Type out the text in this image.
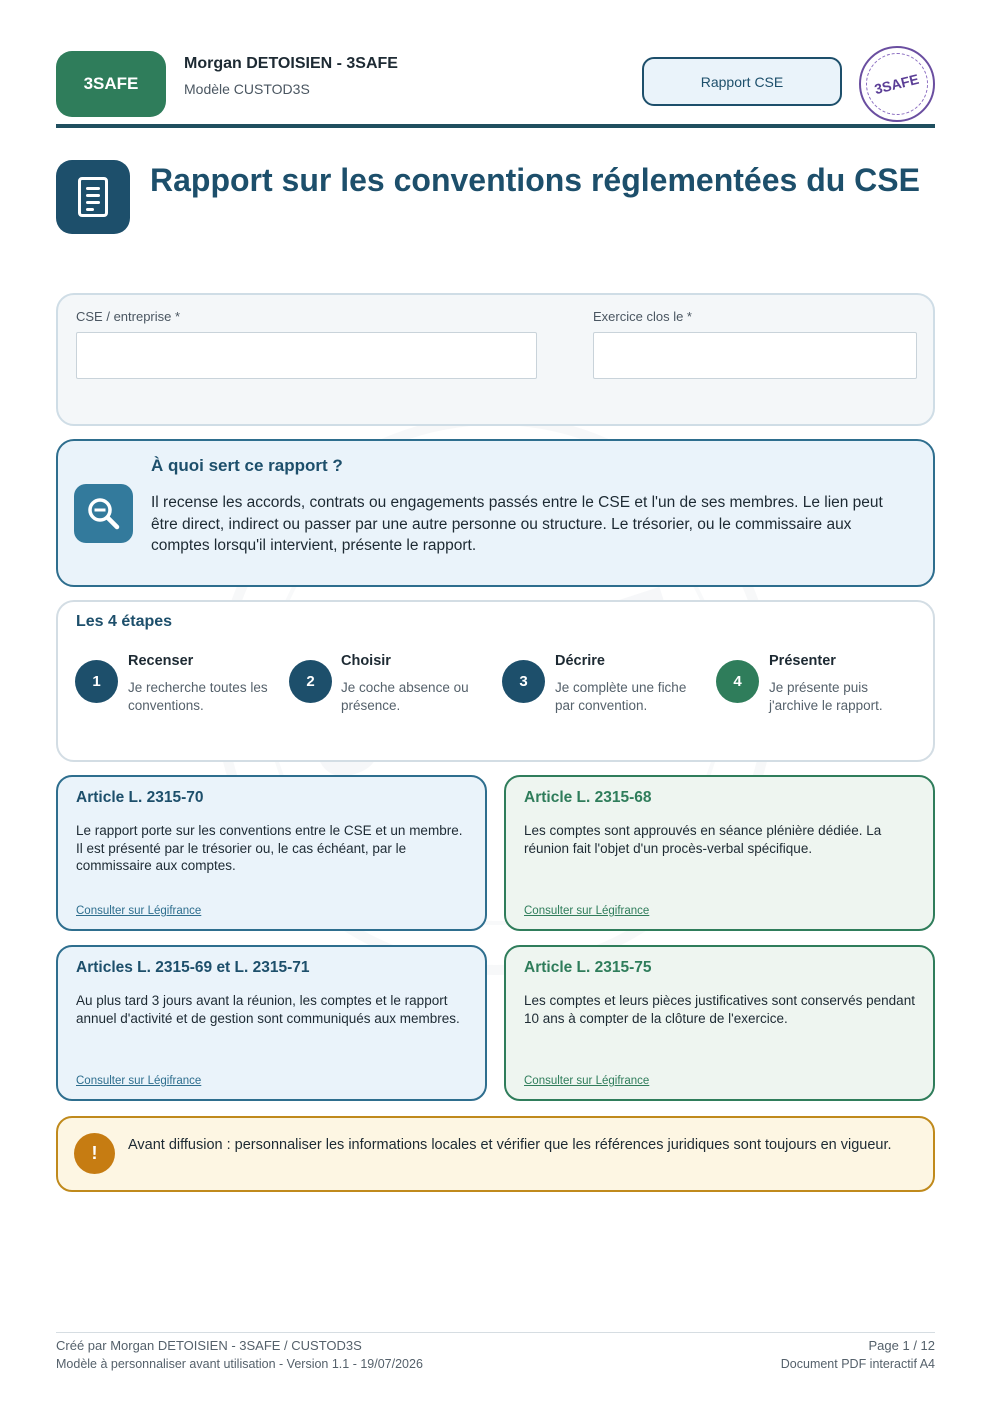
3SAFE
Morgan DETOISIEN - 3SAFE
Modèle CUSTOD3S	Rapport CSE	3SAFE
Rapport sur les conventions réglementées du CSE
CSE / entreprise *	Exercice clos le *
À quoi sert ce rapport ?
Il recense les accords, contrats ou engagements passés entre le CSE et l'un de ses membres. Le lien peut être direct, indirect ou passer par une autre personne ou structure. Le trésorier, ou le commissaire aux comptes lorsqu'il intervient, présente le rapport.
Les 4 étapes
1
Recenser
Je recherche toutes les conventions.
2
Choisir
Je coche absence ou présence.
3
Décrire
Je complète une fiche par convention.
4
Présenter
Je présente puis j'archive le rapport.
Article L. 2315-70
Le rapport porte sur les conventions entre le CSE et un membre. Il est présenté par le trésorier ou, le cas échéant, par le commissaire aux comptes.
Consulter sur Légifrance
Article L. 2315-68
Les comptes sont approuvés en séance plénière dédiée. La réunion fait l'objet d'un procès-verbal spécifique.
Consulter sur Légifrance
Articles L. 2315-69 et L. 2315-71
Au plus tard 3 jours avant la réunion, les comptes et le rapport annuel d'activité et de gestion sont communiqués aux membres.
Consulter sur Légifrance
Article L. 2315-75
Les comptes et leurs pièces justificatives sont conservés pendant 10 ans à compter de la clôture de l'exercice.
Consulter sur Légifrance
!	Avant diffusion : personnaliser les informations locales et vérifier que les références juridiques sont toujours en vigueur.
Créé par Morgan DETOISIEN - 3SAFE / CUSTOD3S
Modèle à personnaliser avant utilisation - Version 1.1 - 19/07/2026
Page 1 / 12
Document PDF interactif A4
